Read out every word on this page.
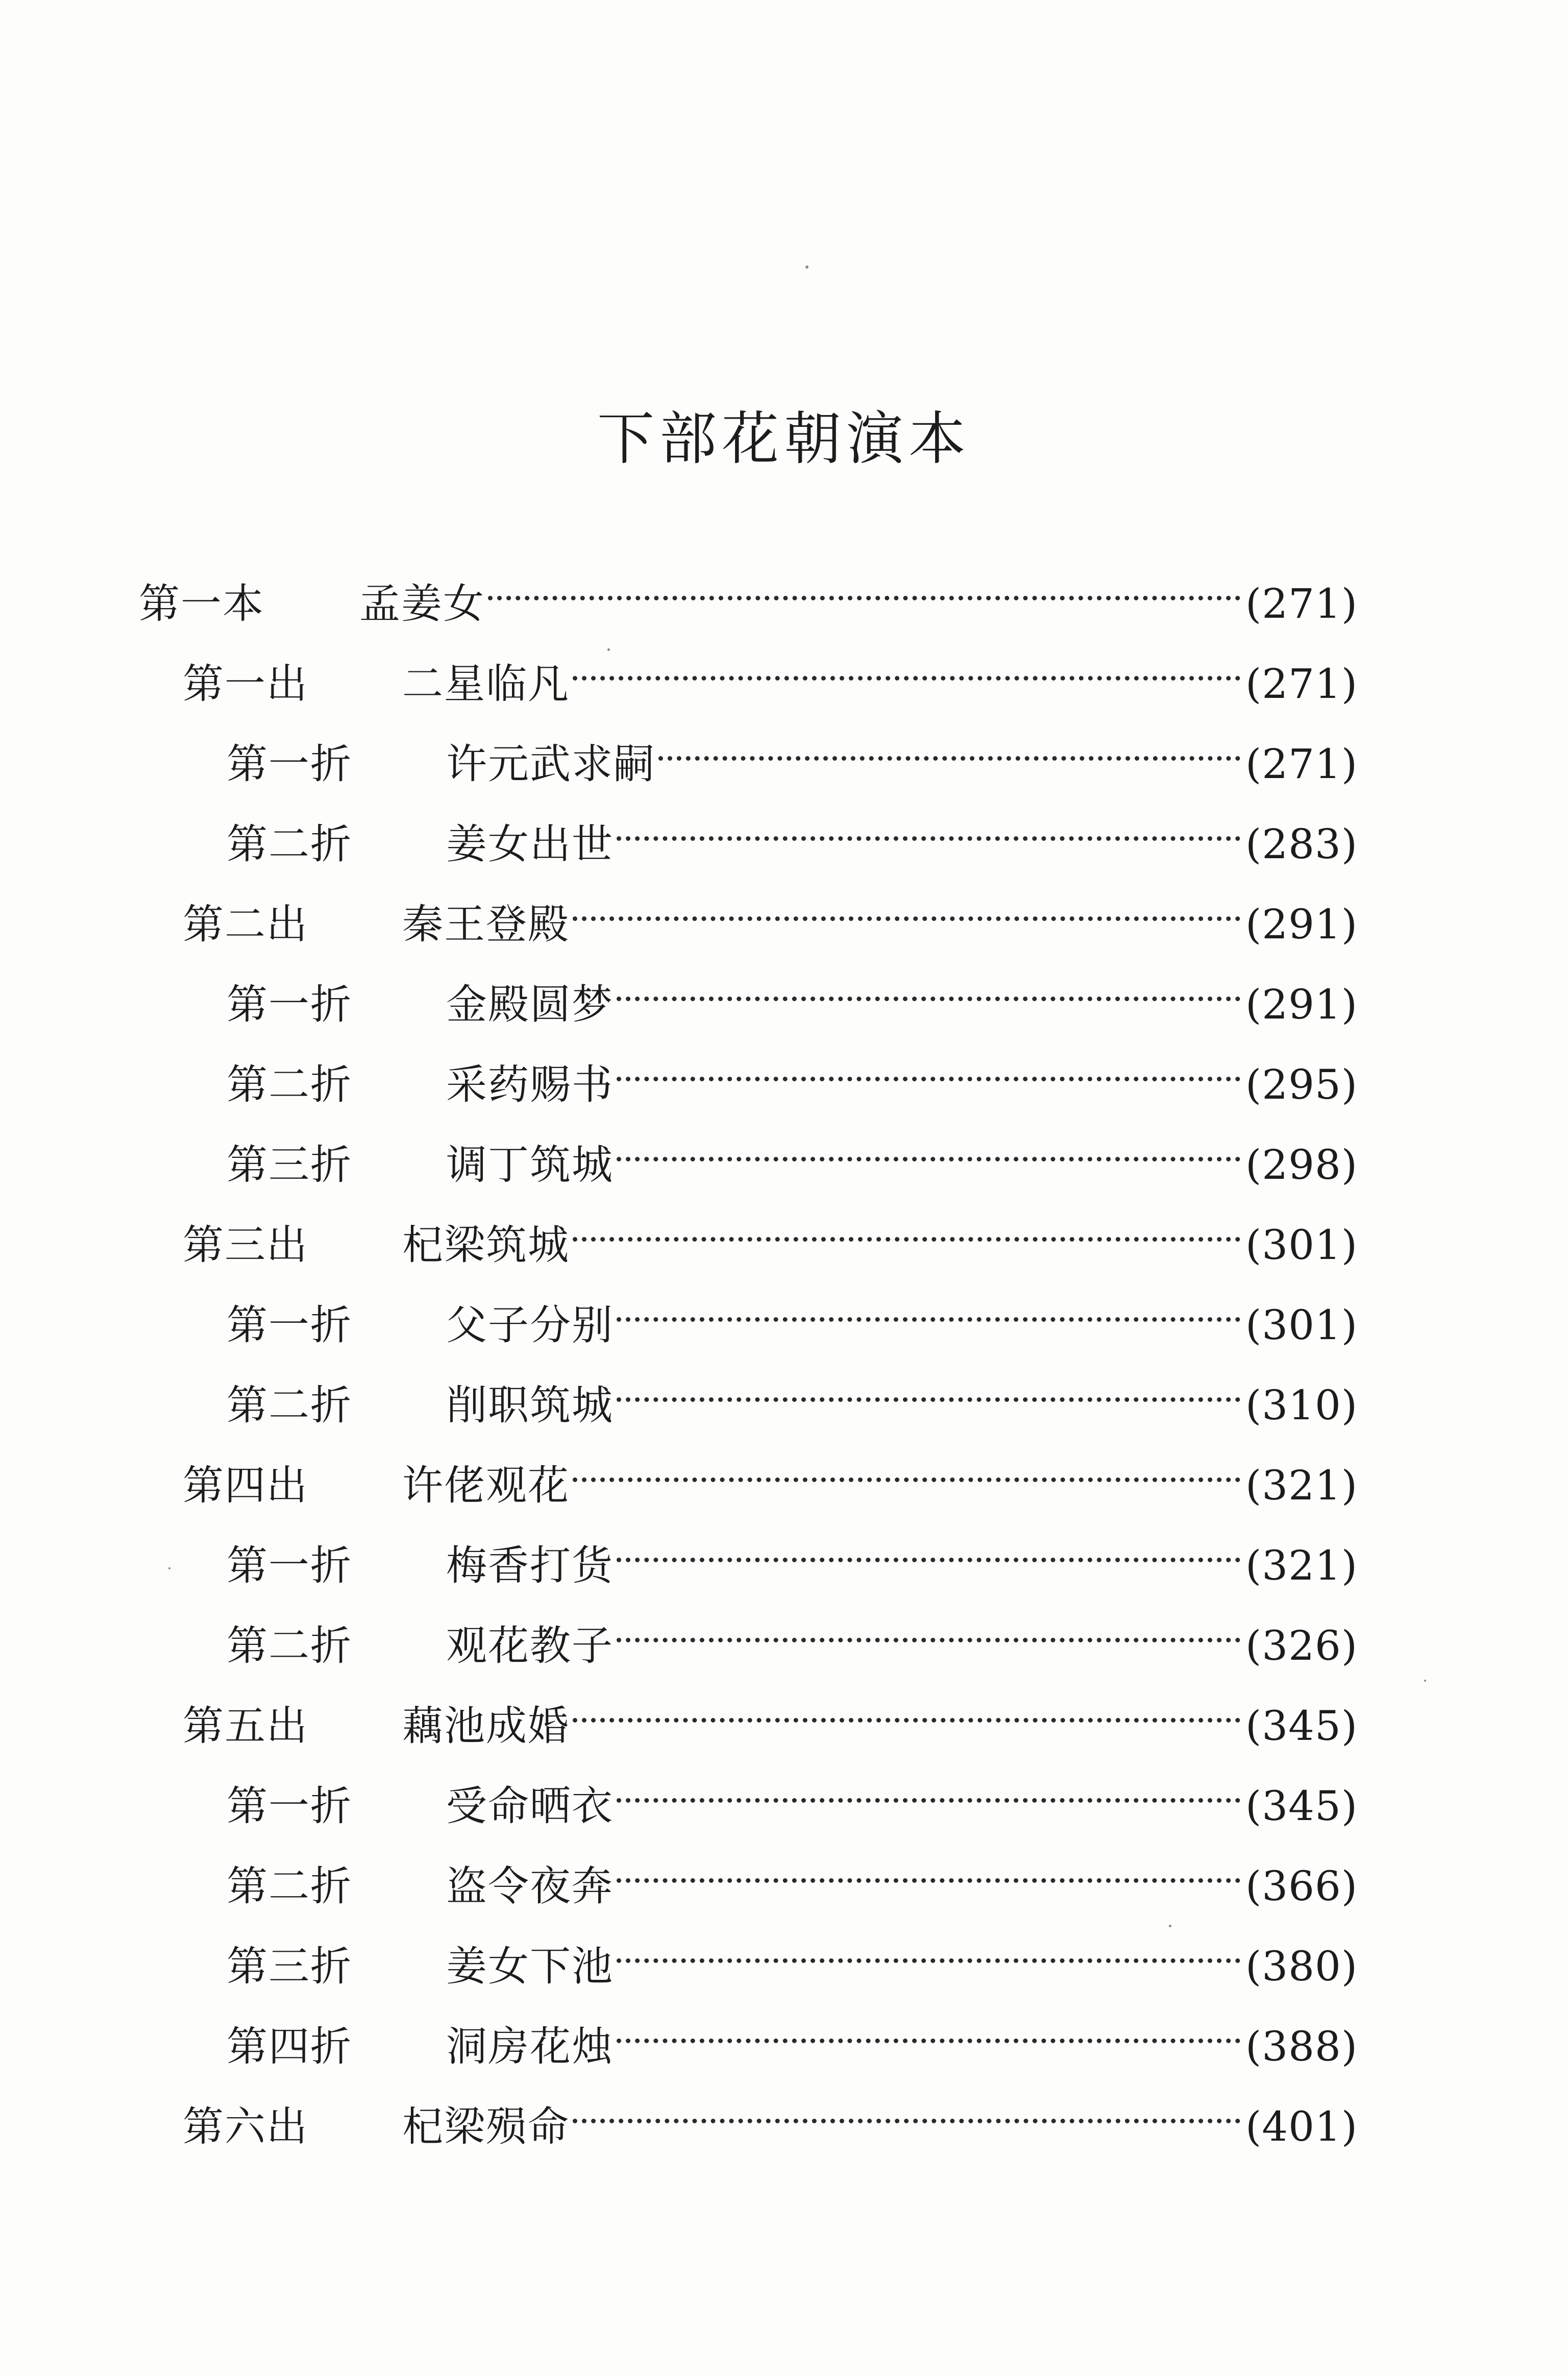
下部花朝演本
第一本	孟姜女	(271)
第一出	二星临凡	(271)
第一折	许元武求嗣	(271)
第二折	姜女出世	(283)
第二出	秦王登殿	(291)
第一折	金殿圆梦	(291)
第二折	采药赐书	(295)
第三折	调丁筑城	(298)
第三出	杞梁筑城	(301)
第一折	父子分别	(301)
第二折	削职筑城	(310)
第四出	许佬观花	(321)
第一折	梅香打货	(321)
第二折	观花教子	(326)
第五出	藕池成婚	(345)
第一折	受命晒衣	(345)
第二折	盗令夜奔	(366)
第三折	姜女下池	(380)
第四折	洞房花烛	(388)
第六出	杞梁殒命	(401)
